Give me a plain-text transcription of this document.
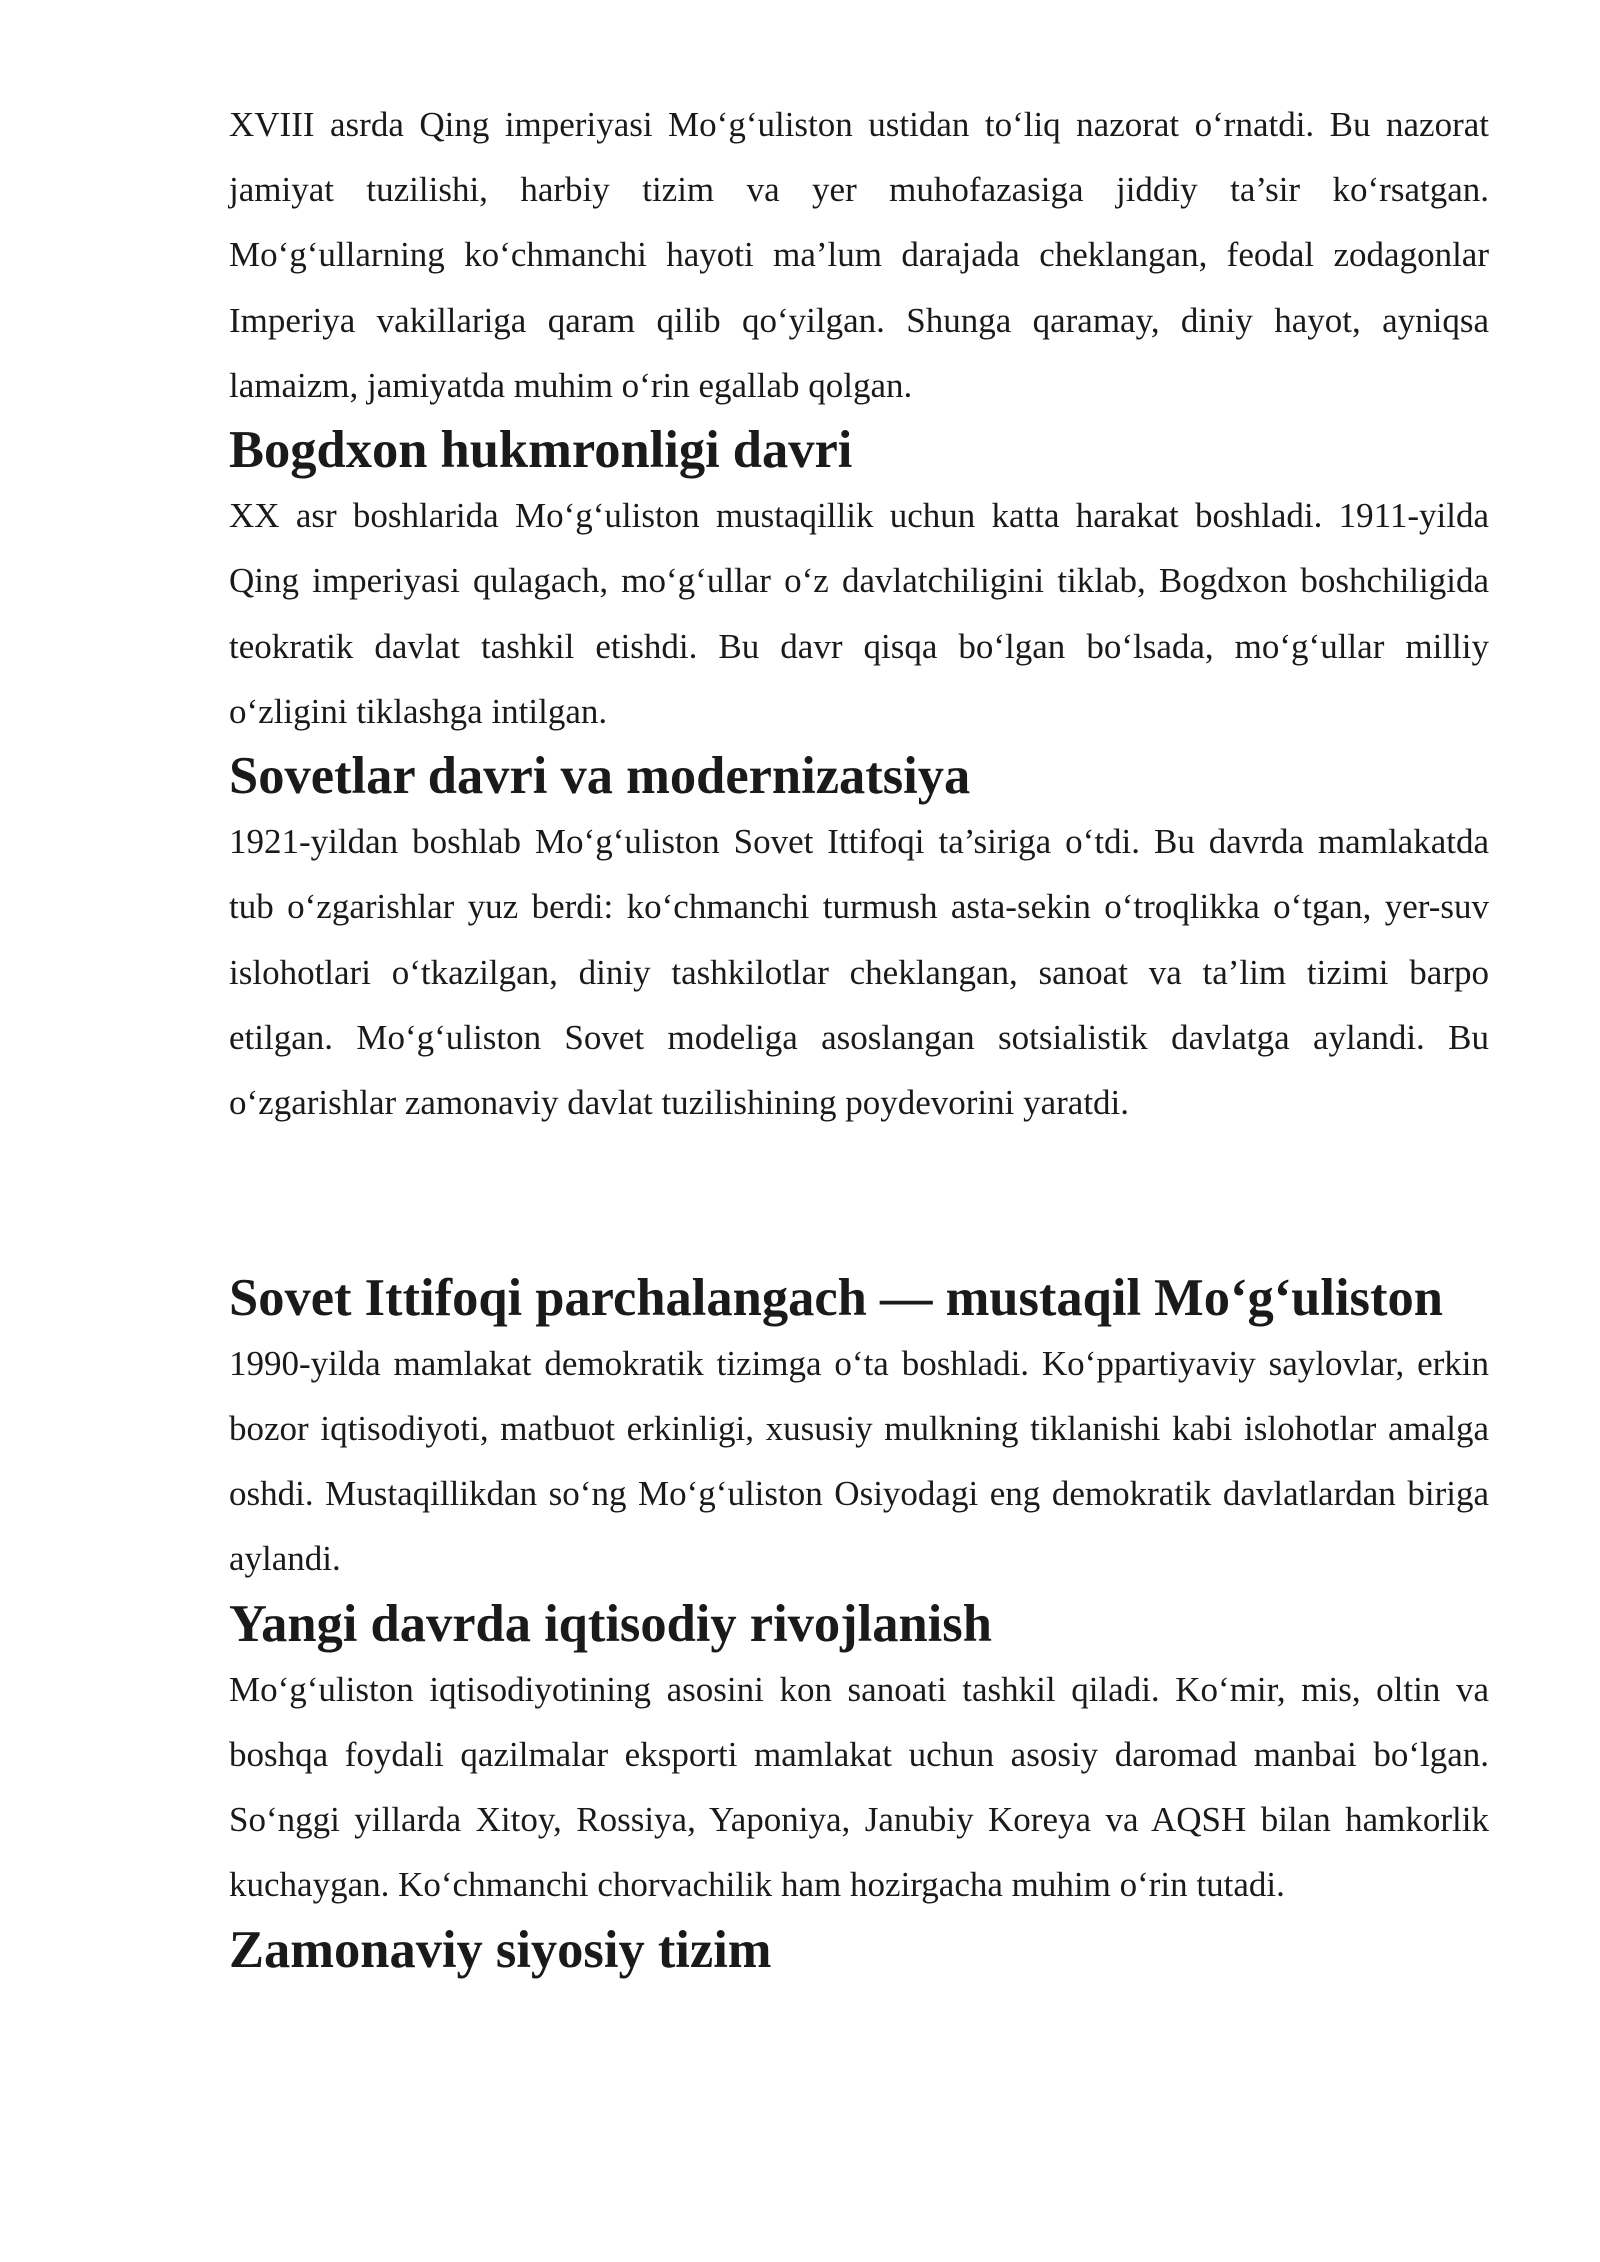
XVIII asrda Qing imperiyasi Mo‘g‘uliston ustidan to‘liq nazorat o‘rnatdi. Bu nazorat jamiyat tuzilishi, harbiy tizim va yer muhofazasiga jiddiy ta’sir ko‘rsatgan. Mo‘g‘ullarning ko‘chmanchi hayoti ma’lum darajada cheklangan, feodal zodagonlar Imperiya vakillariga qaram qilib qo‘yilgan. Shunga qaramay, diniy hayot, ayniqsa lamaizm, jamiyatda muhim o‘rin egallab qolgan.

Bogdxon hukmronligi davri

XX asr boshlarida Mo‘g‘uliston mustaqillik uchun katta harakat boshladi. 1911-yilda Qing imperiyasi qulagach, mo‘g‘ullar o‘z davlatchiligini tiklab, Bogdxon boshchiligida teokratik davlat tashkil etishdi. Bu davr qisqa bo‘lgan bo‘lsada, mo‘g‘ullar milliy o‘zligini tiklashga intilgan.

Sovetlar davri va modernizatsiya

1921-yildan boshlab Mo‘g‘uliston Sovet Ittifoqi ta’siriga o‘tdi. Bu davrda mamlakatda tub o‘zgarishlar yuz berdi: ko‘chmanchi turmush asta-sekin o‘troqlikka o‘tgan, yer-suv islohotlari o‘tkazilgan, diniy tashkilotlar cheklangan, sanoat va ta’lim tizimi barpo etilgan. Mo‘g‘uliston Sovet modeliga asoslangan sotsialistik davlatga aylandi. Bu o‘zgarishlar zamonaviy davlat tuzilishining poydevorini yaratdi.

Sovet Ittifoqi parchalangach — mustaqil Mo‘g‘uliston

1990-yilda mamlakat demokratik tizimga o‘ta boshladi. Ko‘ppartiyaviy saylovlar, erkin bozor iqtisodiyoti, matbuot erkinligi, xususiy mulkning tiklanishi kabi islohotlar amalga oshdi. Mustaqillikdan so‘ng Mo‘g‘uliston Osiyodagi eng demokratik davlatlardan biriga aylandi.

Yangi davrda iqtisodiy rivojlanish

Mo‘g‘uliston iqtisodiyotining asosini kon sanoati tashkil qiladi. Ko‘mir, mis, oltin va boshqa foydali qazilmalar eksporti mamlakat uchun asosiy daromad manbai bo‘lgan. So‘nggi yillarda Xitoy, Rossiya, Yaponiya, Janubiy Koreya va AQSH bilan hamkorlik kuchaygan. Ko‘chmanchi chorvachilik ham hozirgacha muhim o‘rin tutadi.

Zamonaviy siyosiy tizim
